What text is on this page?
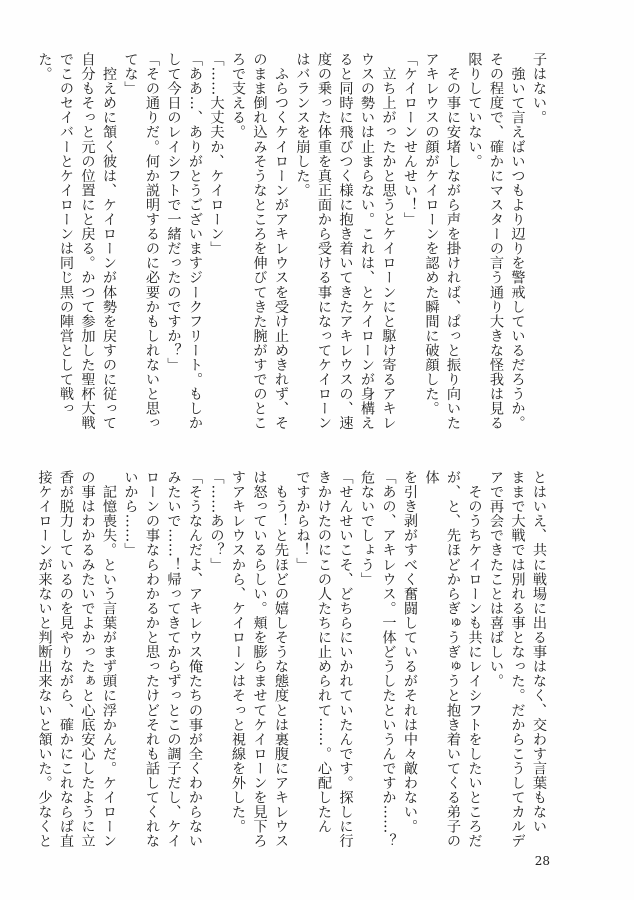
子はない。
　強いて言えばいつもより辺りを警戒しているだろうか。
その程度で、確かにマスターの言う通り大きな怪我は見る
限りしていない。
　その事に安堵しながら声を掛ければ、ぱっと振り向いた
アキレウスの顔がケイローンを認めた瞬間に破顔した。
「ケイローンせんせい！」
　立ち上がったかと思うとケイローンにと駆け寄るアキレ
ウスの勢いは止まらない。これは、とケイローンが身構え
ると同時に飛びつく様に抱き着いてきたアキレウスの、速
度の乗った体重を真正面から受ける事になってケイローン
はバランスを崩した。
　ふらつくケイローンがアキレウスを受け止めきれず、そ
のまま倒れ込みそうなところを伸びてきた腕がすでのとこ
ろで支える。
「……大丈夫か、ケイローン」
「ああ…、ありがとうございますジークフリート。もしか
して今日のレイシフトで一緒だったのですか？」
「その通りだ。何か説明するのに必要かもしれないと思っ
てな」
　控えめに頷く彼は、ケイローンが体勢を戻すのに従って
自分もそっと元の位置にと戻る。かつて参加した聖杯大戦
でこのセイバーとケイローンは同じ黒の陣営として戦った。
とはいえ、共に戦場に出る事はなく、交わす言葉もない
ままで大戦では別れる事となった。だからこうしてカルデ
アで再会できたことは喜ばしい。
　そのうちケイローンも共にレイシフトをしたいところだ
が、と、先ほどからぎゅうぎゅうと抱き着いてくる弟子の体
を引き剥がすべく奮闘しているがそれは中々敵わない。
「あの、アキレウス。一体どうしたというんですか……？
危ないでしょう」
「せんせいこそ、どちらにいかれていたんです。探しに行
きかけたのにこの人たちに止められて……。心配したん
ですからね！」
　もう！と先ほどの嬉しそうな態度とは裏腹にアキレウス
は怒っているらしい。頬を膨らませてケイローンを見下ろ
すアキレウスから、ケイローンはそっと視線を外した。
「……あの？」
「そうなんだよ、アキレウス俺たちの事が全くわからない
みたいで……！帰ってきてからずっとこの調子だし、ケイ
ローンの事ならわかるかと思ったけどそれも話してくれな
いから……」
　記憶喪失。という言葉がまず頭に浮かんだ。ケイローン
の事はわかるみたいでよかったぁと心底安心したように立
香が脱力しているのを見やりながら、確かにこれならば直
接ケイローンが来ないと判断出来ないと頷いた。少なくと
28
